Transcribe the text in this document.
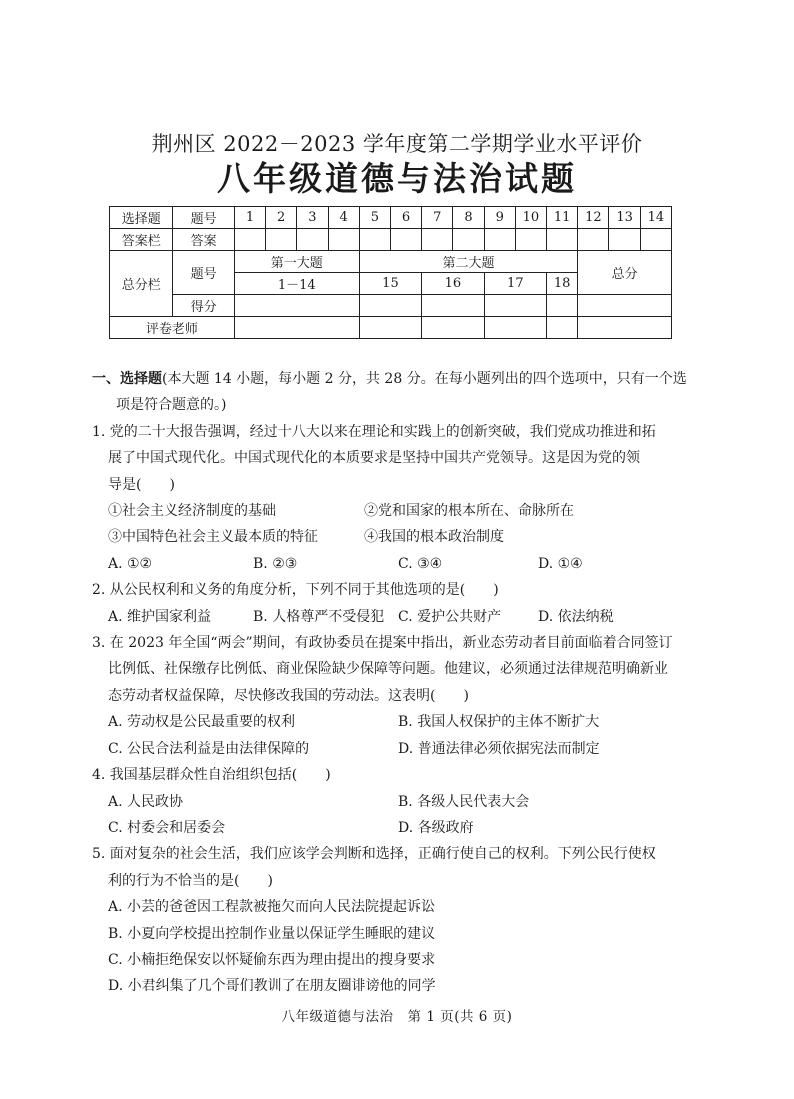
荆州区 2022－2023 学年度第二学期学业水平评价
八年级道德与法治试题
选择题	题号	1	2	3	4	5	6	7	8	9	10	11	12	13	14
答案栏	答案														
总分栏	题号	第一大题				第二大题							总分		
		1－14				15		16		17		18			
	得分														
评卷老师															
一、选择题(本大题 14 小题，每小题 2 分，共 28 分。在每小题列出的四个选项中，只有一个选
项是符合题意的。)
1. 党的二十大报告强调，经过十八大以来在理论和实践上的创新突破，我们党成功推进和拓
展了中国式现代化。中国式现代化的本质要求是坚持中国共产党领导。这是因为党的领
导是(　　)
①社会主义经济制度的基础	②党和国家的根本所在、命脉所在
③中国特色社会主义最本质的特征	④我国的根本政治制度
A. ①②	B. ②③	C. ③④	D. ①④
2. 从公民权利和义务的角度分析，下列不同于其他选项的是(　　)
A. 维护国家利益	B. 人格尊严不受侵犯 C. 爱护公共财产	D. 依法纳税
3. 在 2023 年全国“两会”期间，有政协委员在提案中指出，新业态劳动者目前面临着合同签订
比例低、社保缴存比例低、商业保险缺少保障等问题。他建议，必须通过法律规范明确新业
态劳动者权益保障，尽快修改我国的劳动法。这表明(　　)
A. 劳动权是公民最重要的权利	B. 我国人权保护的主体不断扩大
C. 公民合法利益是由法律保障的	D. 普通法律必须依据宪法而制定
4. 我国基层群众性自治组织包括(　　)
A. 人民政协	B. 各级人民代表大会
C. 村委会和居委会	D. 各级政府
5. 面对复杂的社会生活，我们应该学会判断和选择，正确行使自己的权利。下列公民行使权
利的行为不恰当的是(　　)
A. 小芸的爸爸因工程款被拖欠而向人民法院提起诉讼
B. 小夏向学校提出控制作业量以保证学生睡眠的建议
C. 小楠拒绝保安以怀疑偷东西为理由提出的搜身要求
D. 小君纠集了几个哥们教训了在朋友圈诽谤他的同学
八年级道德与法治　第 1 页(共 6 页)
